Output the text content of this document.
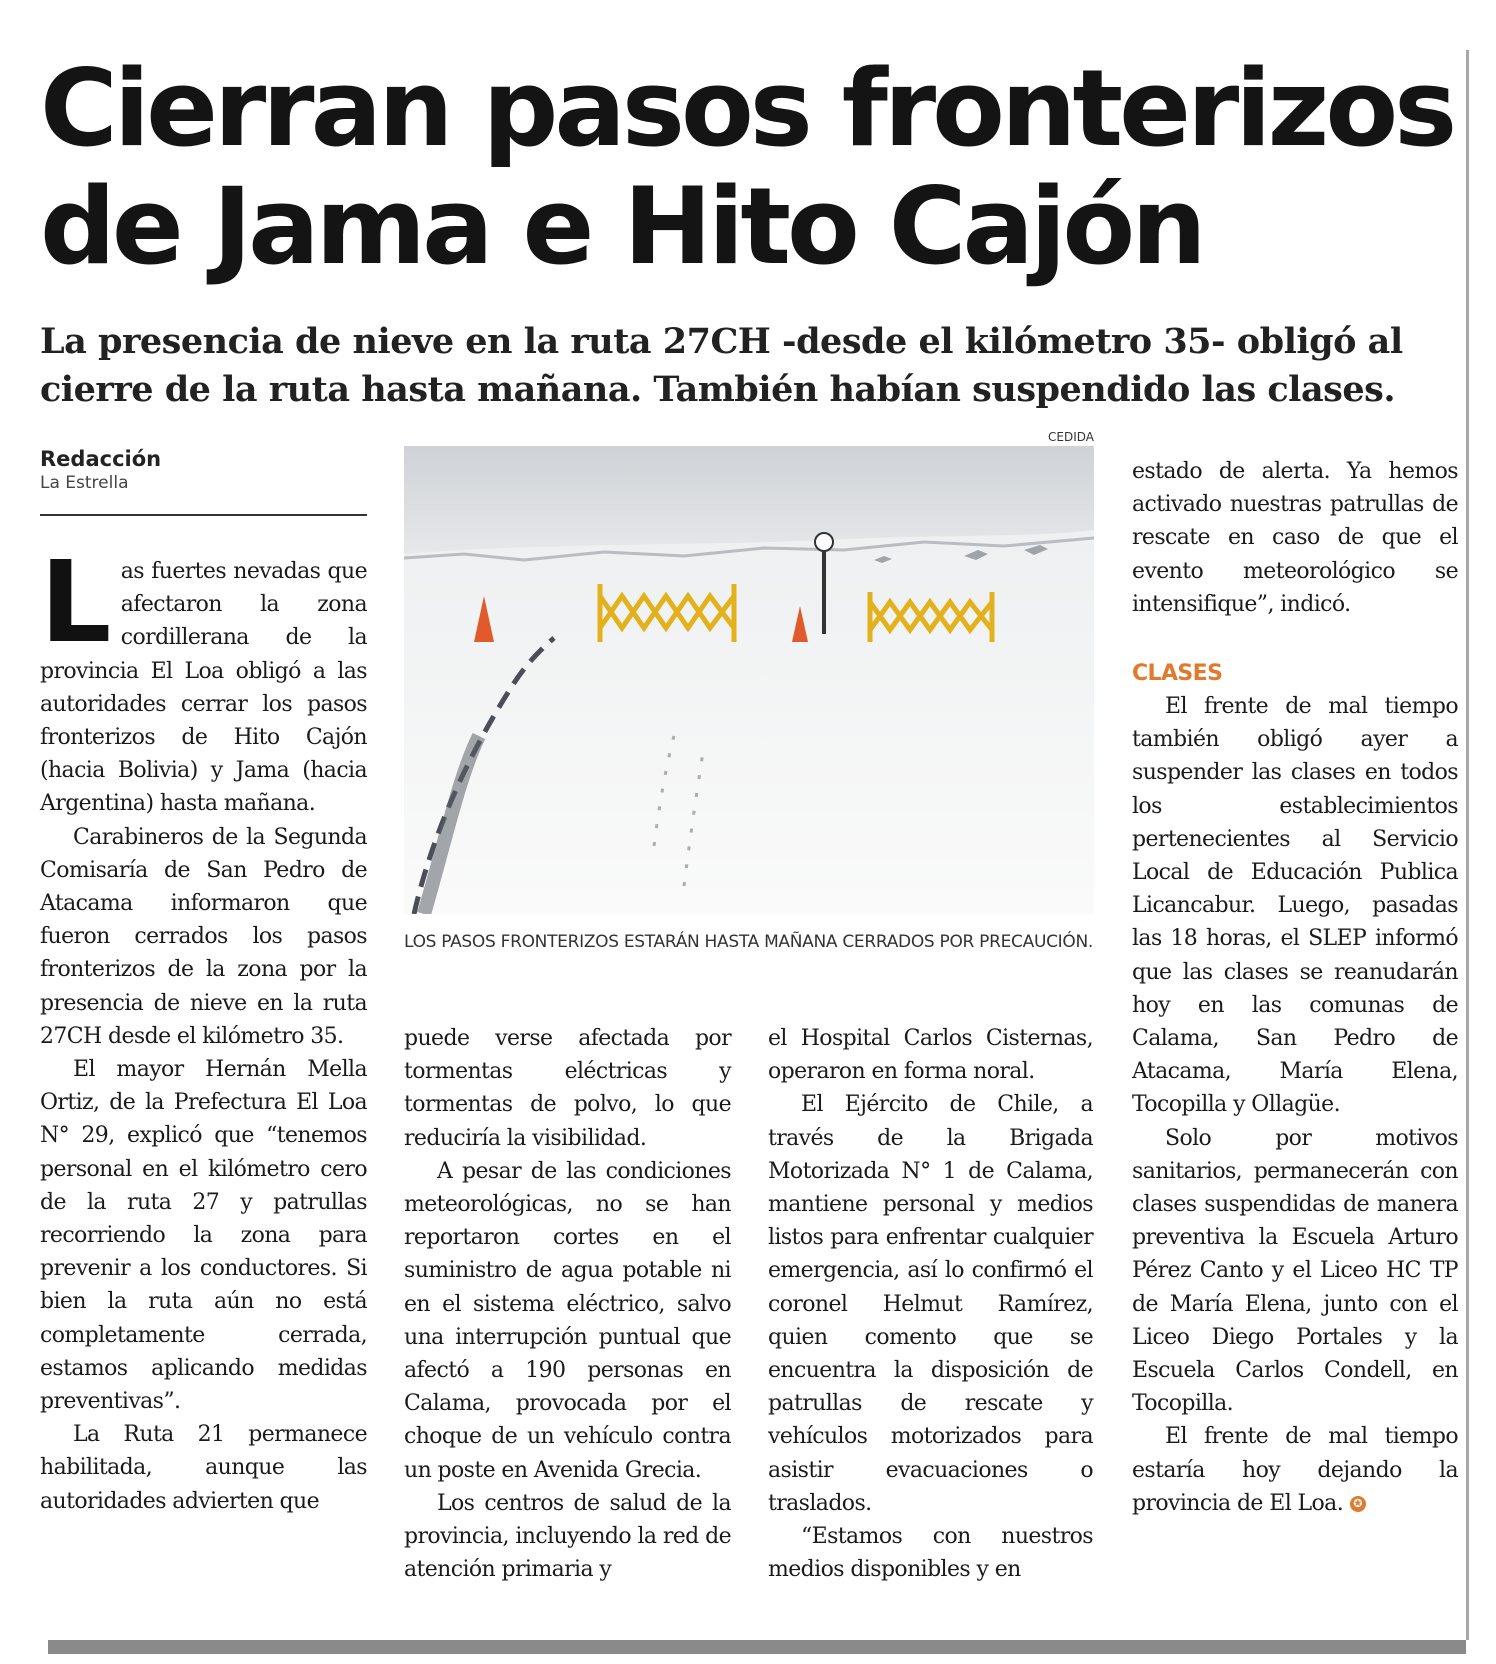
Cierran pasos fronterizos
de Jama e Hito Cajón
La presencia de nieve en la ruta 27CH -desde el kilómetro 35- obligó al
cierre de la ruta hasta mañana. También habían suspendido las clases.
Redacción
La Estrella

Las fuertes nevadas que afectaron la zona cordillerana de la provincia El Loa obligó a las autoridades cerrar los pasos fronterizos de Hito Cajón (hacia Bolivia) y Jama (hacia Argentina) hasta mañana.

Carabineros de la Segunda Comisaría de San Pedro de Atacama informaron que fueron cerrados los pasos fronterizos de la zona por la presencia de nieve en la ruta 27CH desde el kilómetro 35.

El mayor Hernán Mella Ortiz, de la Prefectura El Loa N° 29, explicó que “tenemos personal en el kilómetro cero de la ruta 27 y patrullas recorriendo la zona para prevenir a los conductores. Si bien la ruta aún no está completamente cerrada, estamos aplicando medidas preventivas”.

La Ruta 21 permanece habilitada, aunque las autoridades advierten que

CEDIDA

LOS PASOS FRONTERIZOS ESTARÁN HASTA MAÑANA CERRADOS POR PRECAUCIÓN.

puede verse afectada por tormentas eléctricas y tormentas de polvo, lo que reduciría la visibilidad.

A pesar de las condiciones meteorológicas, no se han reportaron cortes en el suministro de agua potable ni en el sistema eléctrico, salvo una interrupción puntual que afectó a 190 personas en Calama, provocada por el choque de un vehículo contra un poste en Avenida Grecia.

Los centros de salud de la provincia, incluyendo la red de atención primaria y

el Hospital Carlos Cisternas, operaron en forma noral.

El Ejército de Chile, a través de la Brigada Motorizada N° 1 de Calama, mantiene personal y medios listos para enfrentar cualquier emergencia, así lo confirmó el coronel Helmut Ramírez, quien comento que se encuentra la disposición de patrullas de rescate y vehículos motorizados para asistir evacuaciones o traslados.

“Estamos con nuestros medios disponibles y en

estado de alerta. Ya hemos activado nuestras patrullas de rescate en caso de que el evento meteorológico se intensifique”, indicó.

CLASES

El frente de mal tiempo también obligó ayer a suspender las clases en todos los establecimientos pertenecientes al Servicio Local de Educación Publica Licancabur. Luego, pasadas las 18 horas, el SLEP informó que las clases se reanudarán hoy en las comunas de Calama, San Pedro de Atacama, María Elena, Tocopilla y Ollagüe.

Solo por motivos sanitarios, permanecerán con clases suspendidas de manera preventiva la Escuela Arturo Pérez Canto y el Liceo HC TP de María Elena, junto con el Liceo Diego Portales y la Escuela Carlos Condell, en Tocopilla.

El frente de mal tiempo estaría hoy dejando la provincia de El Loa. ✪
